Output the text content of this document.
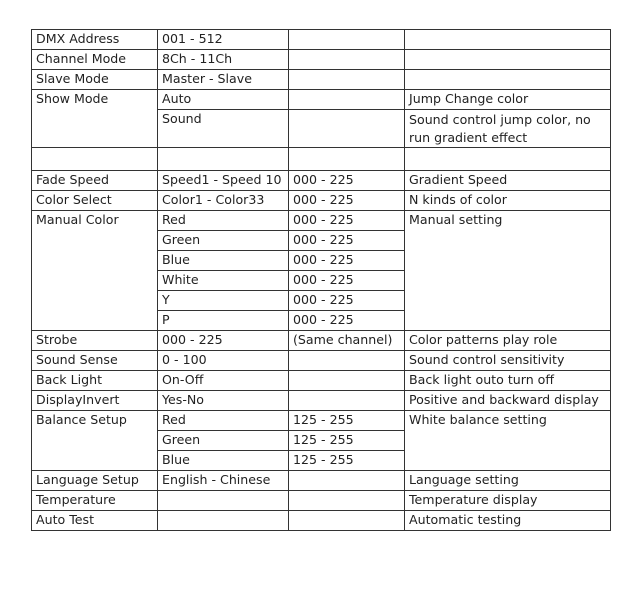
DMX Address	001 - 512		
Channel Mode	8Ch - 11Ch		
Slave Mode	Master - Slave		
Show Mode	Auto		Jump Change color
	Sound		Sound control jump color, no run gradient effect

Fade Speed	Speed1 - Speed 10	000 - 225	Gradient Speed
Color Select	Color1 - Color33	000 - 225	N kinds of color
Manual Color	Red	000 - 225	Manual setting
	Green	000 - 225	
	Blue	000 - 225	
	White	000 - 225	
	Y	000 - 225	
	P	000 - 225	
Strobe	000 - 225	(Same channel)	Color patterns play role
Sound Sense	0 - 100		Sound control sensitivity
Back Light	On-Off		Back light outo turn off
DisplayInvert	Yes-No		Positive and backward display
Balance Setup	Red	125 - 255	White balance setting
	Green	125 - 255	
	Blue	125 - 255	
Language Setup	English - Chinese		Language setting
Temperature			Temperature display
Auto Test			Automatic testing
